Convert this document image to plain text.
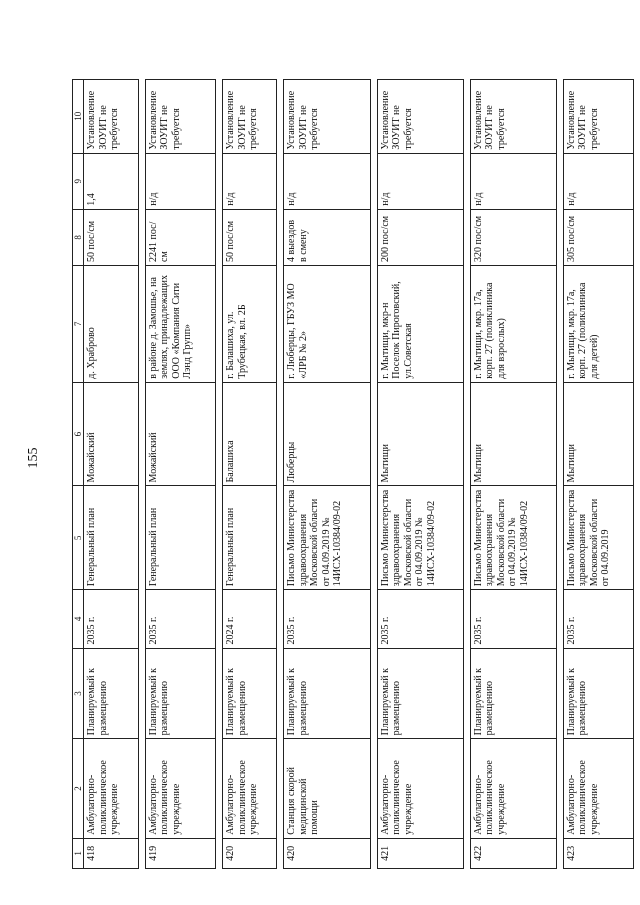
155
1	2	3	4	5	6	7	8	9	10
418	Амбулаторно-поликлиническое учреждение	Планируемый к размещению	2035 г.	Генеральный план	Можайский	д. Храброво	50 пос/см	1,4	Установление ЗОУИТ не требуется

419	Амбулаторно-поликлиническое учреждение	Планируемый к размещению	2035 г.	Генеральный план	Можайский	в районе д. Замошье, на землях, принадлежащих ООО «Компания Сити Лэнд Групп»	2241 пос/см	н/д	Установление ЗОУИТ не требуется

420	Амбулаторно-поликлиническое учреждение	Планируемый к размещению	2024 г.	Генеральный план	Балашиха	г. Балашиха, ул. Трубецкая, вл. 2Б	50 пос/см	н/д	Установление ЗОУИТ не требуется

420	Станция скорой медицинской помощи	Планируемый к размещению	2035 г.	Письмо Министерства здравоохранения Московской области от 04.09.2019 № 14ИСХ-10384/09-02	Люберцы	г. Люберцы, ГБУЗ МО «ЛРБ № 2»	4 выездов в смену	н/д	Установление ЗОУИТ не требуется

421	Амбулаторно-поликлиническое учреждение	Планируемый к размещению	2035 г.	Письмо Министерства здравоохранения Московской области от 04.09.2019 № 14ИСХ-10384/09-02	Мытищи	г. Мытищи, мкр-н Поселок Пироговский, ул.Советская	200 пос/см	н/д	Установление ЗОУИТ не требуется

422	Амбулаторно-поликлиническое учреждение	Планируемый к размещению	2035 г.	Письмо Министерства здравоохранения Московской области от 04.09.2019 № 14ИСХ-10384/09-02	Мытищи	г. Мытищи, мкр. 17а, корп. 27 (поликлиника для взрослых)	320 пос/см	н/д	Установление ЗОУИТ не требуется

423	Амбулаторно-поликлиническое учреждение	Планируемый к размещению	2035 г.	Письмо Министерства здравоохранения Московской области от 04.09.2019	Мытищи	г. Мытищи, мкр. 17а, корп. 27 (поликлиника для детей)	305 пос/см	н/д	Установление ЗОУИТ не требуется
